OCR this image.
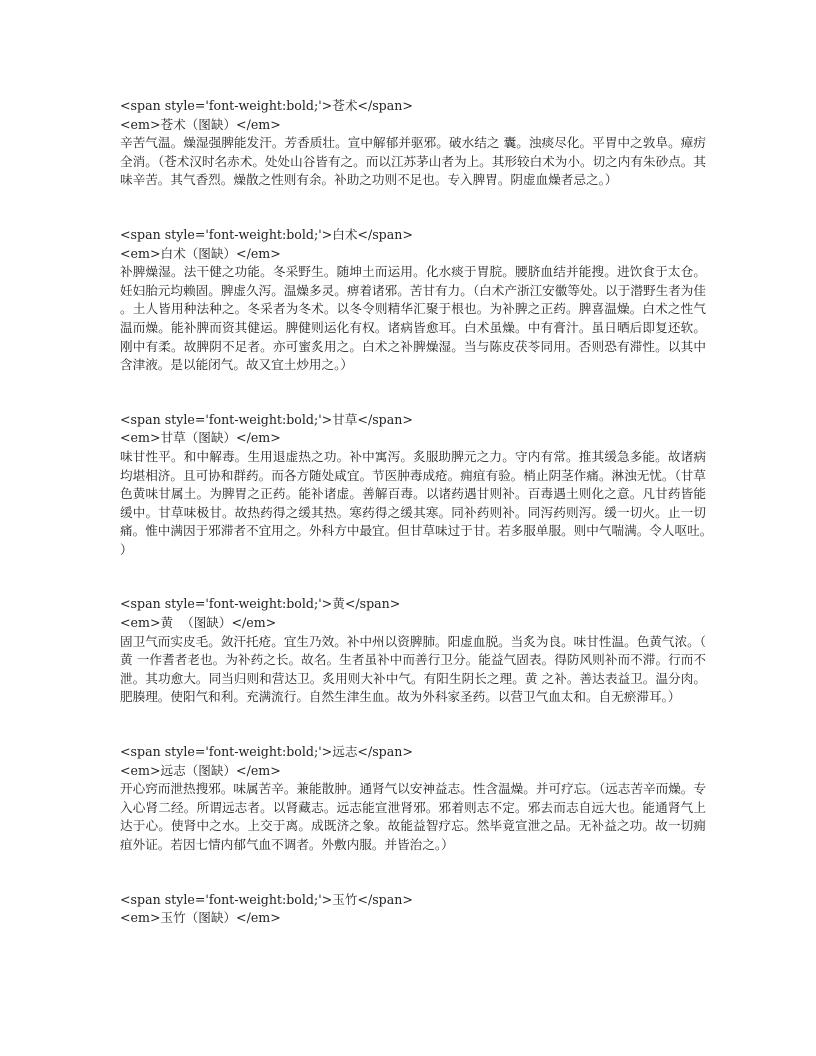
<span style='font-weight:bold;'>苍术</span>

<em>苍术（图缺）</em>

辛苦气温。燥湿强脾能发汗。芳香质壮。宣中解郁并驱邪。破水结之 囊。浊痰尽化。平胃中之敦阜。瘴疠全消。（苍术汉时名赤术。处处山谷皆有之。而以江苏茅山者为上。其形较白术为小。切之内有朱砂点。其味辛苦。其气香烈。燥散之性则有余。补助之功则不足也。专入脾胃。阴虚血燥者忌之。）

<span style='font-weight:bold;'>白术</span>

<em>白术（图缺）</em>

补脾燥湿。法干健之功能。冬采野生。随坤土而运用。化水痰于胃脘。腰脐血结并能搜。进饮食于太仓。妊妇胎元均赖固。脾虚久泻。温燥多灵。痹着诸邪。苦甘有力。（白术产浙江安徽等处。以于潜野生者为佳。土人皆用种法种之。冬采者为冬术。以冬令则精华汇聚于根也。为补脾之正药。脾喜温燥。白术之性气温而燥。能补脾而资其健运。脾健则运化有权。诸病皆愈耳。白术虽燥。中有膏汁。虽日晒后即复还软。刚中有柔。故脾阴不足者。亦可蜜炙用之。白术之补脾燥湿。当与陈皮茯苓同用。否则恐有滞性。以其中含津液。是以能闭气。故又宜土炒用之。）

<span style='font-weight:bold;'>甘草</span>

<em>甘草（图缺）</em>

味甘性平。和中解毒。生用退虚热之功。补中寓泻。炙服助脾元之力。守内有常。推其缓急多能。故诸病均堪相济。且可协和群药。而各方随处咸宜。节医肿毒成疮。痈疽有验。梢止阴茎作痛。淋浊无忧。（甘草色黄味甘属土。为脾胃之正药。能补诸虚。善解百毒。以诸药遇甘则补。百毒遇土则化之意。凡甘药皆能缓中。甘草味极甘。故热药得之缓其热。寒药得之缓其寒。同补药则补。同泻药则泻。缓一切火。止一切痛。惟中满因于邪滞者不宜用之。外科方中最宜。但甘草味过于甘。若多服单服。则中气喘满。令人呕吐。）

<span style='font-weight:bold;'>黄</span>

<em>黄  （图缺）</em>

固卫气而实皮毛。敛汗托疮。宜生乃效。补中州以资脾肺。阳虚血脱。当炙为良。味甘性温。色黄气浓。（黄 一作耆者老也。为补药之长。故名。生者虽补中而善行卫分。能益气固表。得防风则补而不滞。行而不泄。其功愈大。同当归则和营达卫。炙用则大补中气。有阳生阴长之理。黄 之补。善达表益卫。温分肉。肥腠理。使阳气和利。充满流行。自然生津生血。故为外科家圣药。以营卫气血太和。自无瘀滞耳。）

<span style='font-weight:bold;'>远志</span>

<em>远志（图缺）</em>

开心窍而泄热搜邪。味属苦辛。兼能散肿。通肾气以安神益志。性含温燥。并可疗忘。（远志苦辛而燥。专入心肾二经。所谓远志者。以肾藏志。远志能宣泄肾邪。邪着则志不定。邪去而志自远大也。能通肾气上达于心。使肾中之水。上交于离。成既济之象。故能益智疗忘。然毕竟宣泄之品。无补益之功。故一切痈疽外证。若因七情内郁气血不调者。外敷内服。并皆治之。）

<span style='font-weight:bold;'>玉竹</span>

<em>玉竹（图缺）</em>
